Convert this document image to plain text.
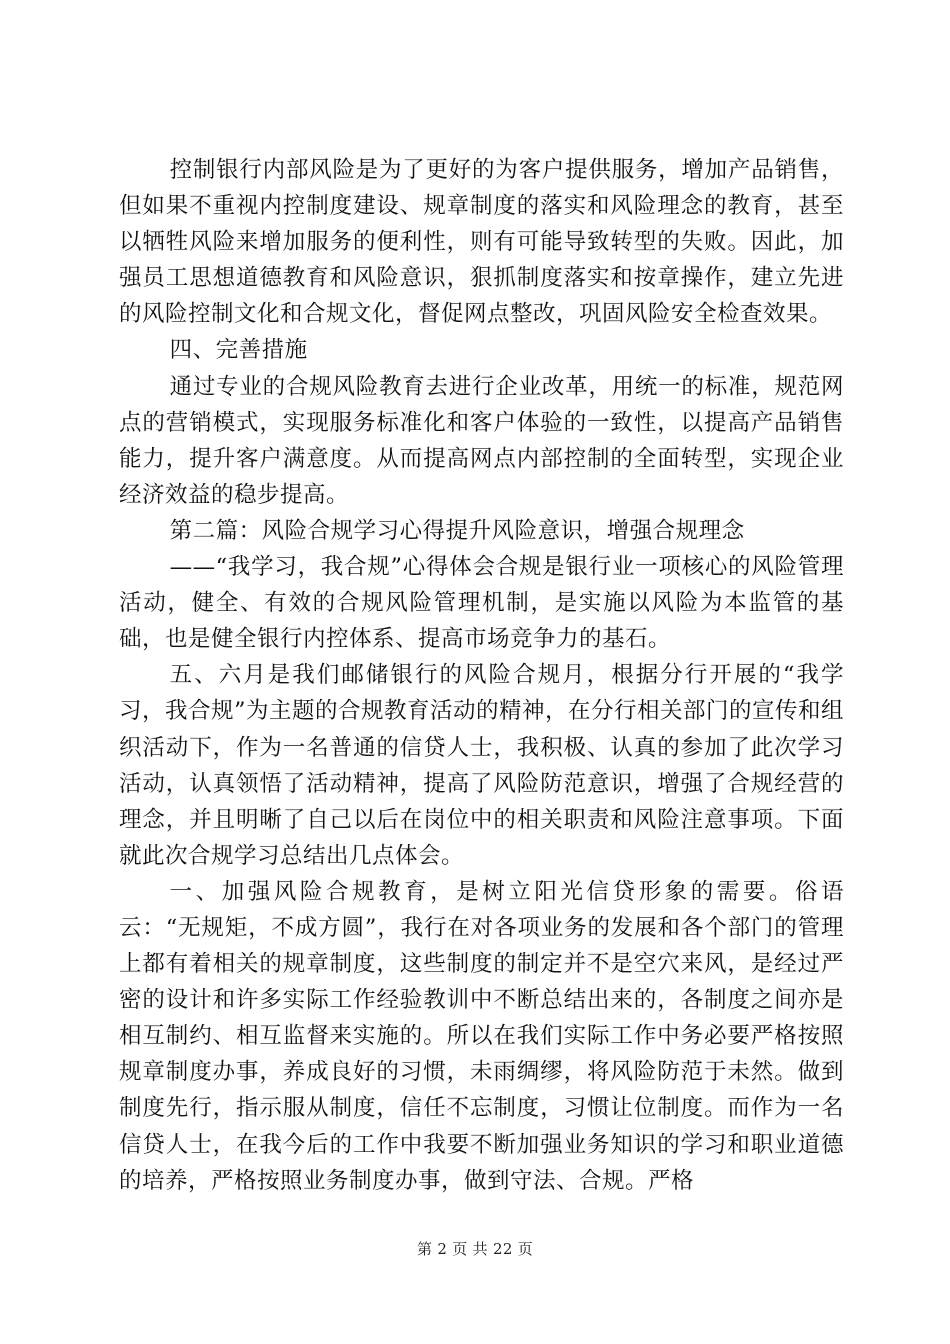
控制银行内部风险是为了更好的为客户提供服务，增加产品销售，但如果不重视内控制度建设、规章制度的落实和风险理念的教育，甚至以牺牲风险来增加服务的便利性，则有可能导致转型的失败。因此，加强员工思想道德教育和风险意识，狠抓制度落实和按章操作，建立先进的风险控制文化和合规文化，督促网点整改，巩固风险安全检查效果。

四、完善措施

通过专业的合规风险教育去进行企业改革，用统一的标准，规范网点的营销模式，实现服务标准化和客户体验的一致性，以提高产品销售能力，提升客户满意度。从而提高网点内部控制的全面转型，实现企业经济效益的稳步提高。

第二篇：风险合规学习心得提升风险意识，增强合规理念

——“我学习，我合规”心得体会合规是银行业一项核心的风险管理活动，健全、有效的合规风险管理机制，是实施以风险为本监管的基础，也是健全银行内控体系、提高市场竞争力的基石。

五、六月是我们邮储银行的风险合规月，根据分行开展的“我学习，我合规”为主题的合规教育活动的精神，在分行相关部门的宣传和组织活动下，作为一名普通的信贷人士，我积极、认真的参加了此次学习活动，认真领悟了活动精神，提高了风险防范意识，增强了合规经营的理念，并且明晰了自己以后在岗位中的相关职责和风险注意事项。下面就此次合规学习总结出几点体会。

一、加强风险合规教育，是树立阳光信贷形象的需要。俗语云：“无规矩，不成方圆”，我行在对各项业务的发展和各个部门的管理上都有着相关的规章制度，这些制度的制定并不是空穴来风，是经过严密的设计和许多实际工作经验教训中不断总结出来的，各制度之间亦是相互制约、相互监督来实施的。所以在我们实际工作中务必要严格按照规章制度办事，养成良好的习惯，未雨绸缪，将风险防范于未然。做到制度先行，指示服从制度，信任不忘制度，习惯让位制度。而作为一名信贷人士，在我今后的工作中我要不断加强业务知识的学习和职业道德的培养，严格按照业务制度办事，做到守法、合规。严格

第 2 页 共 22 页
